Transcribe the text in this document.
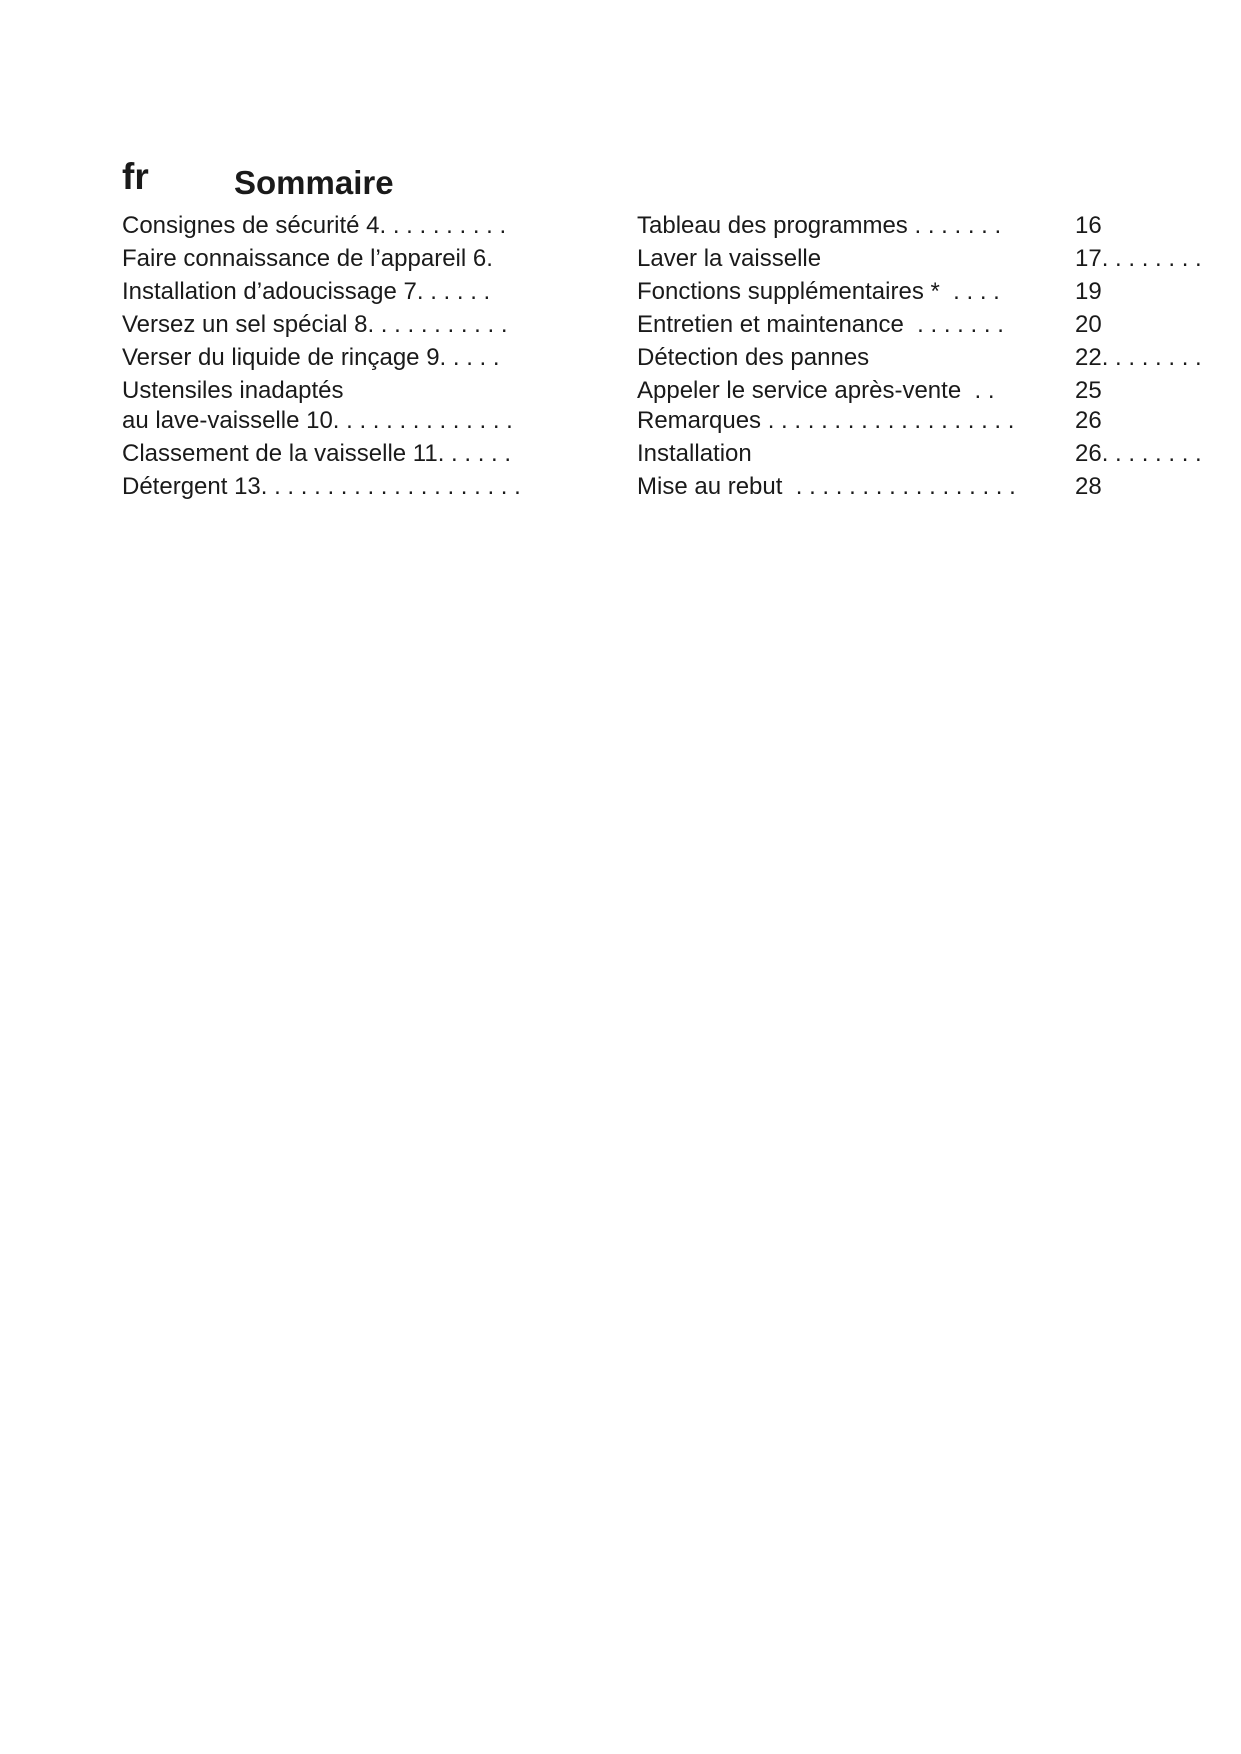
fr	Sommaire
Consignes de sécurité 4. . . . . . . . . .
Faire connaissance de l’appareil 6.
Installation d’adoucissage 7. . . . . .
Versez un sel spécial 8. . . . . . . . . . .
Verser du liquide de rinçage 9. . . . .
Ustensiles inadaptés
au lave-vaisselle 10. . . . . . . . . . . . . .
Classement de la vaisselle 11. . . . . .
Détergent 13. . . . . . . . . . . . . . . . . . . .
Tableau des programmes . . . . . . .
Laver la vaisselle
Fonctions supplémentaires *  . . . .
Entretien et maintenance  . . . . . . .
Détection des pannes
Appeler le service après-vente  . .
Remarques . . . . . . . . . . . . . . . . . . .
Installation
Mise au rebut  . . . . . . . . . . . . . . . . .
16
17. . . . . . . .
19
20
22. . . . . . . .
25
26
26. . . . . . . .
28
